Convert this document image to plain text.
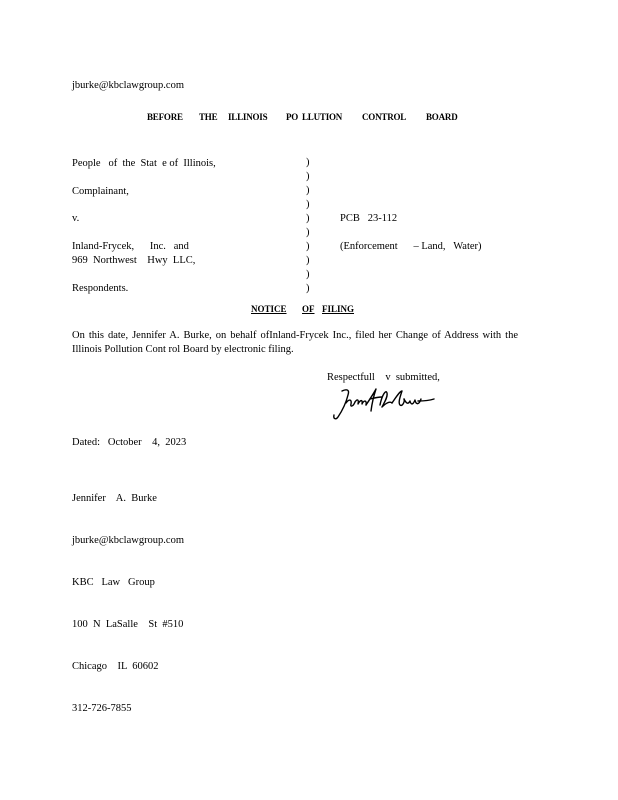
jburke@kbclawgroup.com
BEFORE THE ILLINOIS PO LLUTION CONTROL BOARD
People   of  the  Stat  e of  Illinois,
Complainant,
v.	PCB   23-112
Inland-Frycek,      Inc.   and	(Enforcement      – Land,   Water)
969  Northwest    Hwy  LLC,
Respondents.
)
)
)
)
)
)
)
)
)
)
NOTICE OF FILING
On this date, Jennifer A. Burke, on behalf ofInland-Frycek Inc., filed her Change of Address with the Illinois Pollution Cont rol Board by electronic filing.
Respectfull    v  submitted,
Dated:   October    4,  2023

Jennifer    A.  Burke

jburke@kbclawgroup.com

KBC   Law   Group

100  N  LaSalle    St  #510

Chicago    IL  60602

312-726-7855
